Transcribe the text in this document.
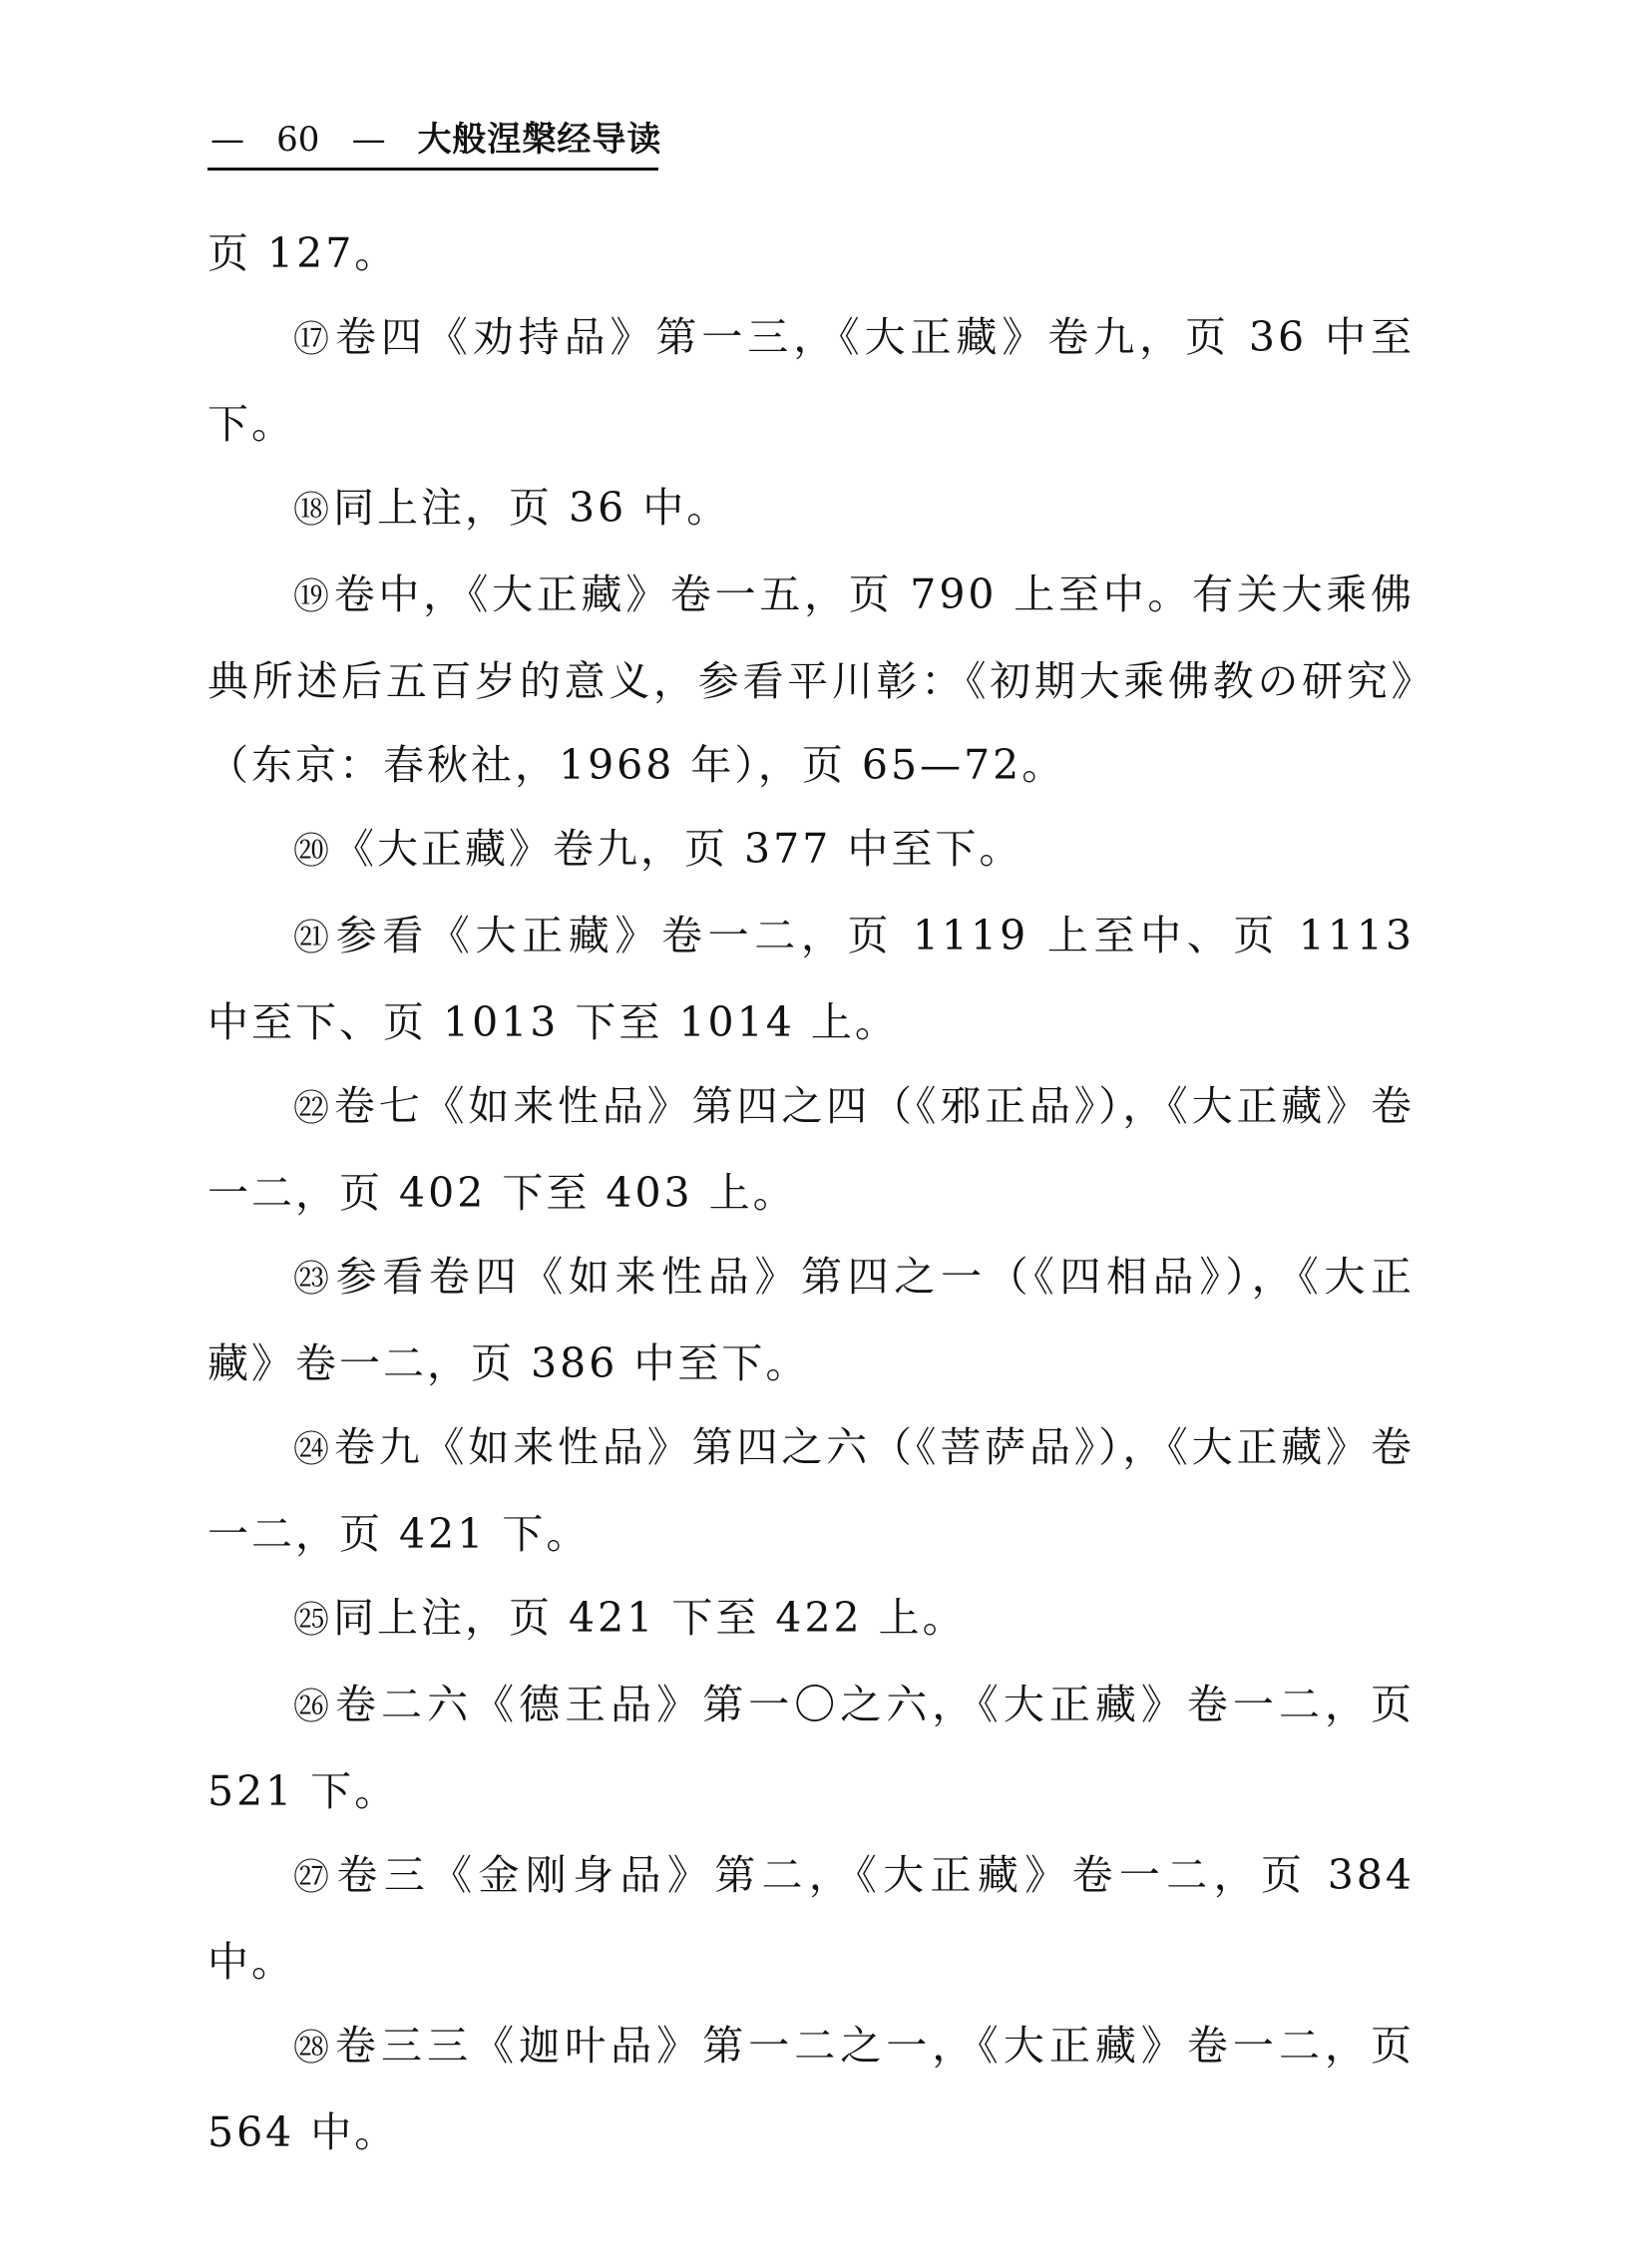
— 60 — 大般涅槃经导读

页 127。

⑰卷四《劝持品》第一三，《大正藏》卷九，页 36 中至下。

⑱同上注，页 36 中。

⑲卷中，《大正藏》卷一五，页 790 上至中。有关大乘佛典所述后五百岁的意义，参看平川彰：《初期大乘佛教の研究》（东京：春秋社，1968 年），页 65—72。

⑳《大正藏》卷九，页 377 中至下。

㉑参看《大正藏》卷一二，页 1119 上至中、页 1113 中至下、页 1013 下至 1014 上。

㉒卷七《如来性品》第四之四（《邪正品》），《大正藏》卷一二，页 402 下至 403 上。

㉓参看卷四《如来性品》第四之一（《四相品》），《大正藏》卷一二，页 386 中至下。

㉔卷九《如来性品》第四之六（《菩萨品》），《大正藏》卷一二，页 421 下。

㉕同上注，页 421 下至 422 上。

㉖卷二六《德王品》第一〇之六，《大正藏》卷一二，页 521 下。

㉗卷三《金刚身品》第二，《大正藏》卷一二，页 384 中。

㉘卷三三《迦叶品》第一二之一，《大正藏》卷一二，页 564 中。
